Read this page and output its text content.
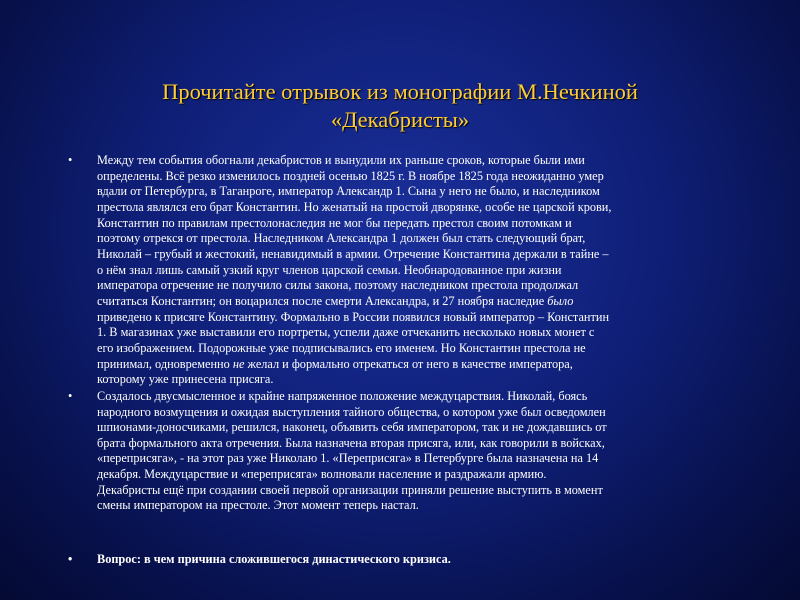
Прочитайте отрывок из монографии М.Нечкиной
«Декабристы»
• Между тем события обогнали декабристов и вынудили их раньше сроков, которые были ими
определены. Всё резко изменилось поздней осенью 1825 г. В ноябре 1825 года неожиданно умер
вдали от Петербурга, в Таганроге, император Александр 1. Сына у него не было, и наследником
престола являлся его брат Константин. Но женатый на простой дворянке, особе не царской крови,
Константин по правилам престолонаследия не мог бы передать престол своим потомкам и
поэтому отрекся от престола. Наследником Александра 1 должен был стать следующий брат,
Николай – грубый и жестокий, ненавидимый в армии. Отречение Константина держали в тайне –
о нём знал лишь самый узкий круг членов царской семьи. Необнародованное при жизни
императора отречение не получило силы закона, поэтому наследником престола продолжал
считаться Константин; он воцарился после смерти Александра, и 27 ноября наследие было
приведено к присяге Константину. Формально в России появился новый император – Константин
1. В магазинах уже выставили его портреты, успели даже отчеканить несколько новых монет с
его изображением. Подорожные уже подписывались его именем. Но Константин престола не
принимал, одновременно не желал и формально отрекаться от него в качестве императора,
которому уже принесена присяга.
• Создалось двусмысленное и крайне напряженное положение междуцарствия. Николай, боясь
народного возмущения и ожидая выступления тайного общества, о котором уже был осведомлен
шпионами-доносчиками, решился, наконец, объявить себя императором, так и не дождавшись от
брата формального акта отречения. Была назначена вторая присяга, или, как говорили в войсках,
«переприсяга», - на этот раз уже Николаю 1. «Переприсяга» в Петербурге была назначена на 14
декабря. Междуцарствие и «переприсяга» волновали население и раздражали армию.
Декабристы ещё при создании своей первой организации приняли решение выступить в момент
смены императором на престоле. Этот момент теперь настал.
• Вопрос: в чем причина сложившегося династического кризиса.
